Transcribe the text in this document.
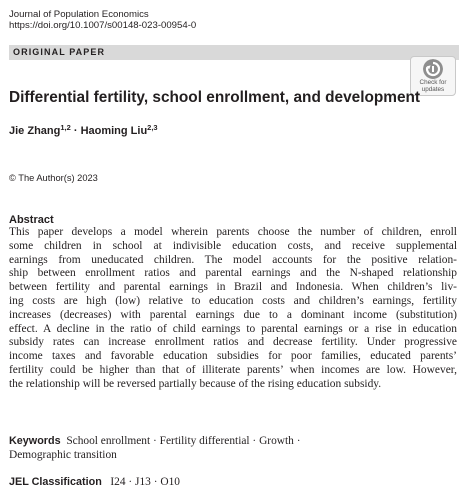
Journal of Population Economics
https://doi.org/10.1007/s00148-023-00954-0
ORIGINAL PAPER
Check for
updates
Differential fertility, school enrollment, and development
Jie Zhang$^{1,2}$ · Haoming Liu$^{2,3}$
© The Author(s) 2023
Abstract
This paper develops a model wherein parents choose the number of children, enroll
some children in school at indivisible education costs, and receive supplemental
earnings from uneducated children. The model accounts for the positive relation-
ship between enrollment ratios and parental earnings and the N-shaped relationship
between fertility and parental earnings in Brazil and Indonesia. When children’s liv-
ing costs are high (low) relative to education costs and children’s earnings, fertility
increases (decreases) with parental earnings due to a dominant income (substitution)
effect. A decline in the ratio of child earnings to parental earnings or a rise in education
subsidy rates can increase enrollment ratios and decrease fertility. Under progressive
income taxes and favorable education subsidies for poor families, educated parents’
fertility could be higher than that of illiterate parents’ when incomes are low. However,
the relationship will be reversed partially because of the rising education subsidy.
Keywords School enrollment · Fertility differential · Growth ·
Demographic transition
JEL Classification I24 · J13 · O10
